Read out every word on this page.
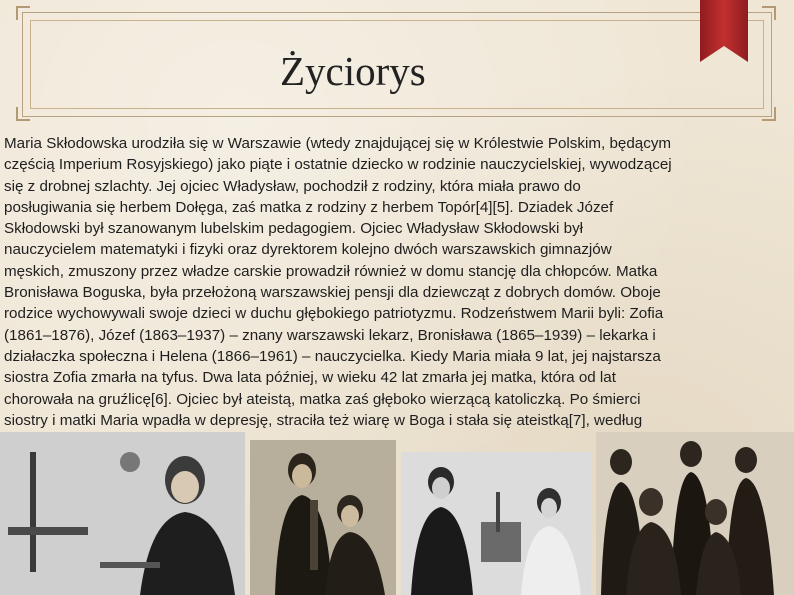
Życiorys
Maria Skłodowska urodziła się w Warszawie (wtedy znajdującej się w Królestwie Polskim, będącym
częścią Imperium Rosyjskiego) jako piąte i ostatnie dziecko w rodzinie nauczycielskiej, wywodzącej
się z drobnej szlachty. Jej ojciec Władysław, pochodził z rodziny, która miała prawo do
posługiwania się herbem Dołęga, zaś matka z rodziny z herbem Topór[4][5]. Dziadek Józef
Skłodowski był szanowanym lubelskim pedagogiem. Ojciec Władysław Skłodowski był
nauczycielem matematyki i fizyki oraz dyrektorem kolejno dwóch warszawskich gimnazjów
męskich, zmuszony przez władze carskie prowadził również w domu stancję dla chłopców. Matka
Bronisława Boguska, była przełożoną warszawskiej pensji dla dziewcząt z dobrych domów. Oboje
rodzice wychowywali swoje dzieci w duchu głębokiego patriotyzmu. Rodzeństwem Marii byli: Zofia
(1861–1876), Józef (1863–1937) – znany warszawski lekarz, Bronisława (1865–1939) – lekarka i
działaczka społeczna i Helena (1866–1961) – nauczycielka. Kiedy Maria miała 9 lat, jej najstarsza
siostra Zofia zmarła na tyfus. Dwa lata później, w wieku 42 lat zmarła jej matka, która od lat
chorowała na gruźlicę[6]. Ojciec był ateistą, matka zaś głęboko wierzącą katoliczką. Po śmierci
siostry i matki Maria wpadła w depresję, straciła też wiarę w Boga i stała się ateistką[7], według
